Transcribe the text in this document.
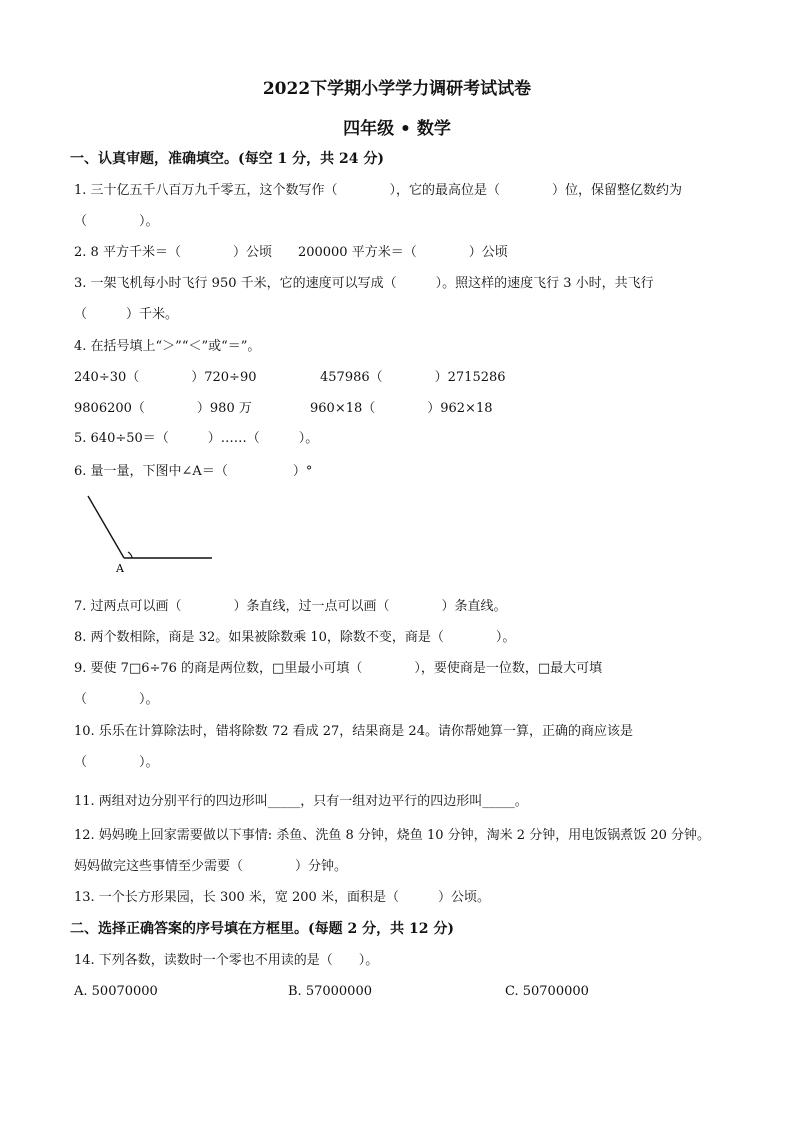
2022下学期小学学力调研考试试卷
四年级 • 数学
一、认真审题，准确填空。(每空 1 分，共 24 分)
1. 三十亿五千八百万九千零五，这个数写作（　　　　），它的最高位是（　　　　）位，保留整亿数约为
（　　　　）。
2. 8 平方千米＝（　　　　）公顷　　200000 平方米＝（　　　　）公顷
3. 一架飞机每小时飞行 950 千米，它的速度可以写成（　　　）。照这样的速度飞行 3 小时，共飞行
（　　　）千米。
4. 在括号填上“＞”“＜”或“＝”。
240÷30（　　　　）720÷90	457986（　　　　）2715286
9806200（　　　　）980 万	960×18（　　　　）962×18
5. 640÷50＝（　　　）……（　　　）。
6. 量一量，下图中∠A＝（　　　　　）°
A
7. 过两点可以画（　　　　）条直线，过一点可以画（　　　　）条直线。
8. 两个数相除，商是 32。如果被除数乘 10，除数不变，商是（　　　　）。
9. 要使 7□6÷76 的商是两位数，□里最小可填（　　　　），要使商是一位数，□最大可填
（　　　　）。
10. 乐乐在计算除法时，错将除数 72 看成 27，结果商是 24。请你帮她算一算，正确的商应该是
（　　　　）。
11. 两组对边分别平行的四边形叫_____，只有一组对边平行的四边形叫_____。
12. 妈妈晚上回家需要做以下事情: 杀鱼、洗鱼 8 分钟，烧鱼 10 分钟，淘米 2 分钟，用电饭锅煮饭 20 分钟。
妈妈做完这些事情至少需要（　　　　）分钟。
13. 一个长方形果园，长 300 米，宽 200 米，面积是（　　　）公顷。
二、选择正确答案的序号填在方框里。(每题 2 分，共 12 分)
14. 下列各数，读数时一个零也不用读的是（　　）。
A. 50070000	B. 57000000	C. 50700000
